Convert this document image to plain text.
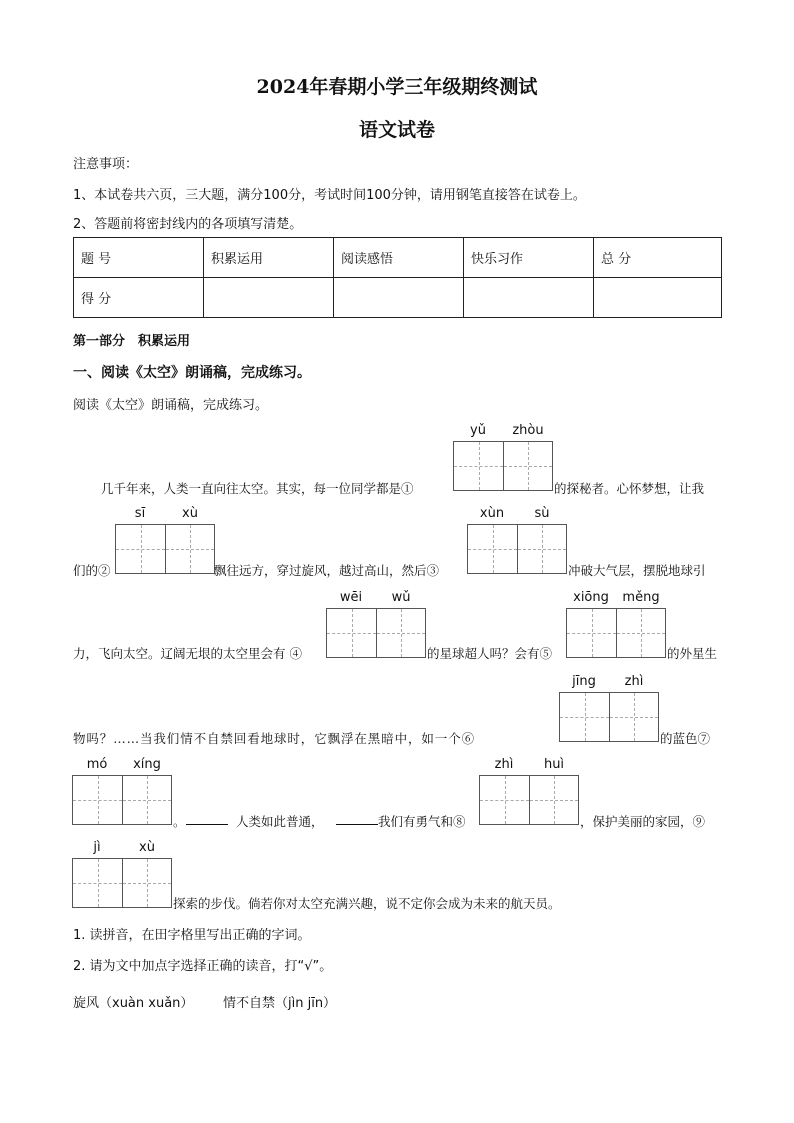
2024年春期小学三年级期终测试
语文试卷
注意事项：
1、本试卷共六页，三大题，满分100分，考试时间100分钟，请用钢笔直接答在试卷上。
2、答题前将密封线内的各项填写清楚。
题 号	积累运用	阅读感悟	快乐习作	总 分
得 分				
第一部分　积累运用
一、阅读《太空》朗诵稿，完成练习。
阅读《太空》朗诵稿，完成练习。
yǔ	zhòu
几千年来，人类一直向往太空。其实，每一位同学都是①	的探秘者。心怀梦想，让我
sī	xù	xùn	sù
们的②	飘往远方，穿过旋风，越过高山，然后③	冲破大气层，摆脱地球引
wēi	wǔ	xiōng	měng
力，飞向太空。辽阔无垠的太空里会有 ④	的星球超人吗？会有⑤	的外星生
jīng	zhì
物吗？……当我们情不自禁回看地球时，它飘浮在黑暗中，如一个⑥	的蓝色⑦
mó	xíng	zhì	huì
。	人类如此普通，	我们有勇气和⑧	，保护美丽的家园，⑨
jì	xù
探索的步伐。倘若你对太空充满兴趣，说不定你会成为未来的航天员。
1. 读拼音，在田字格里写出正确的字词。
2. 请为文中加点字选择正确的读音，打“√”。
旋风（xuàn xuǎn） 情不自禁（jìn jīn）
